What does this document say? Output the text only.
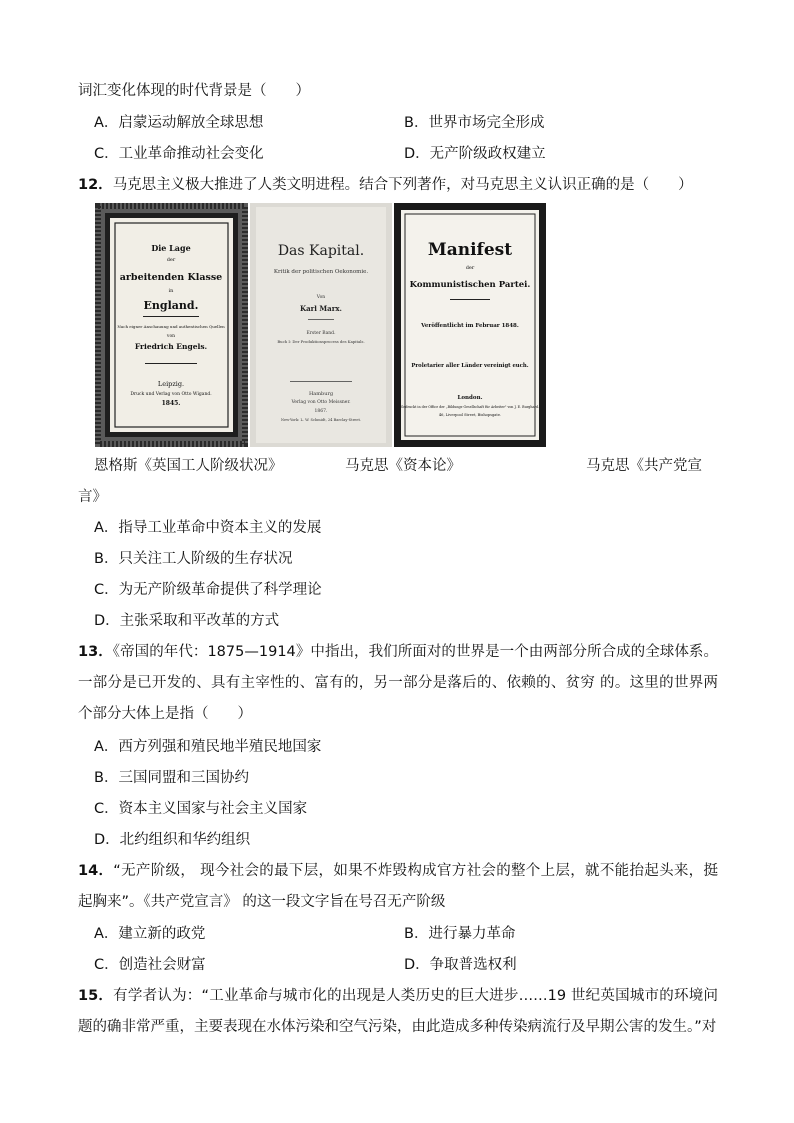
词汇变化体现的时代背景是（　　）
A．启蒙运动解放全球思想	B．世界市场完全形成
C．工业革命推动社会变化	D．无产阶级政权建立
12．马克思主义极大推进了人类文明进程。结合下列著作，对马克思主义认识正确的是（　　）
Die Lage
der
arbeitenden Klasse
in
England.
Nach eigner Anschauung und authentischen Quellen
von
Friedrich Engels.
Leipzig.
Druck und Verlag von Otto Wigand.
1845.
Das Kapital.
Kritik der politischen Oekonomie.
Von
Karl Marx.
Erster Band.
Buch I: Der Produktionsprocess des Kapitals.
Hamburg
Verlag von Otto Meissner.
1867.
New-York: L. W. Schmidt, 24 Barclay-Street.
Manifest
der
Kommunistischen Partei.
Veröffentlicht im Februar 1848.
Proletarier aller Länder vereinigt euch.
London.
Gedruckt in der Office der „Bildungs-Gesellschaft für Arbeiter" von J. E. Burghard.
46, Liverpool Street, Bishopsgate.
恩格斯《英国工人阶级状况》	马克思《资本论》	马克思《共产党宣
言》
A．指导工业革命中资本主义的发展
B．只关注工人阶级的生存状况
C．为无产阶级革命提供了科学理论
D．主张采取和平改革的方式
13．《帝国的年代：1875—1914》中指出，我们所面对的世界是一个由两部分所合成的全球体系。一部分是已开发的、具有主宰性的、富有的，另一部分是落后的、依赖的、贫穷 的。这里的世界两个部分大体上是指（　　）
A．西方列强和殖民地半殖民地国家
B．三国同盟和三国协约
C．资本主义国家与社会主义国家
D．北约组织和华约组织
14．“无产阶级， 现今社会的最下层，如果不炸毁构成官方社会的整个上层，就不能抬起头来，挺起胸来”。《共产党宣言》 的这一段文字旨在号召无产阶级
A．建立新的政党	B．进行暴力革命
C．创造社会财富	D．争取普选权利
15．有学者认为：“工业革命与城市化的出现是人类历史的巨大进步……19 世纪英国城市的环境问题的确非常严重，主要表现在水体污染和空气污染，由此造成多种传染病流行及早期公害的发生。”对
